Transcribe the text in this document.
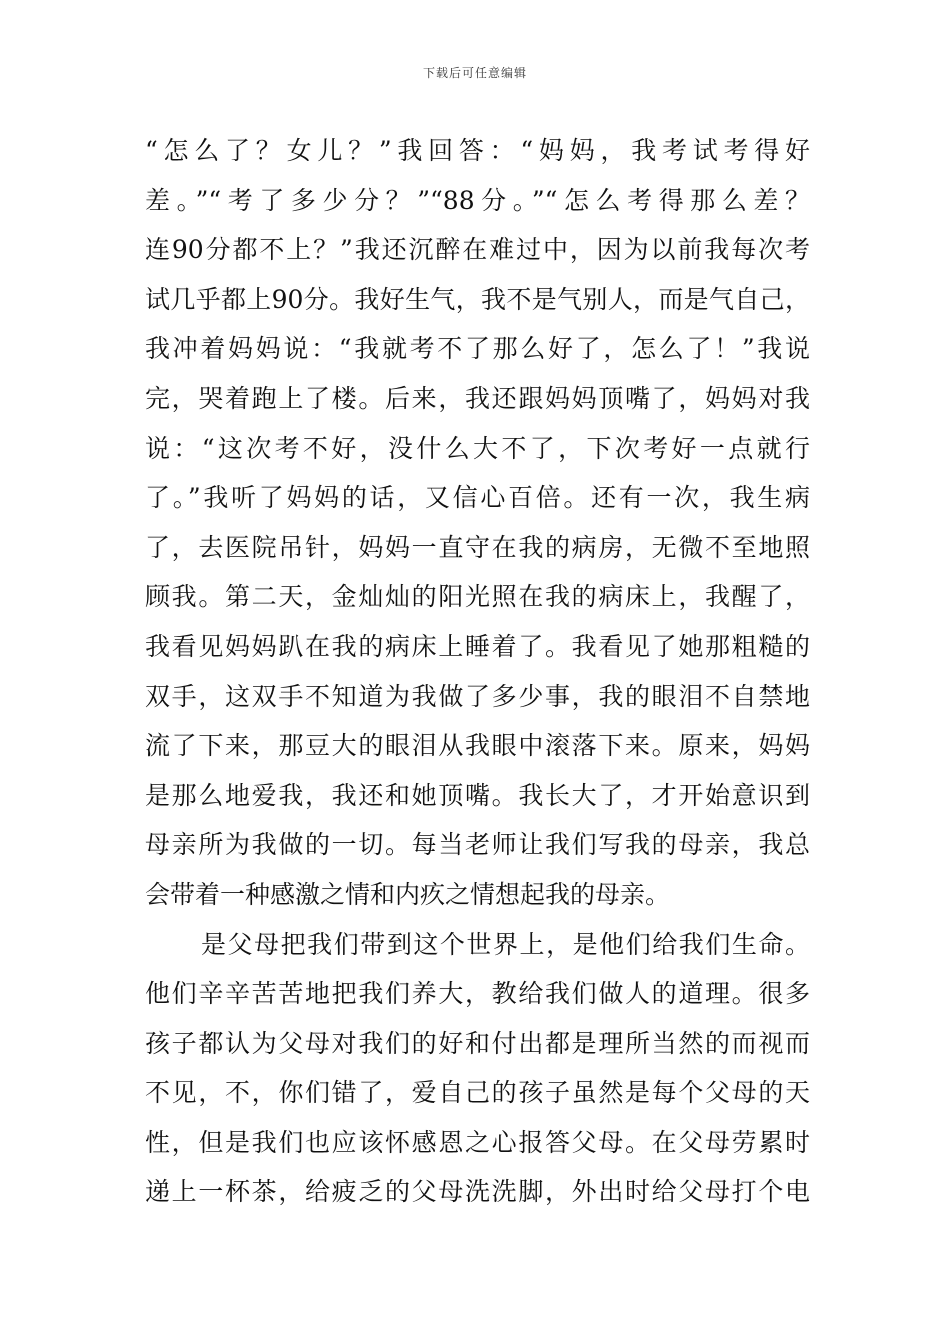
下载后可任意编辑
“怎么了？女儿？”我回答：“妈妈，我考试考得好
差。”“考了多少分？”“88分。”“怎么考得那么差？
连90分都不上？”我还沉醉在难过中，因为以前我每次考
试几乎都上90分。我好生气，我不是气别人，而是气自己，
我冲着妈妈说：“我就考不了那么好了，怎么了！”我说
完，哭着跑上了楼。后来，我还跟妈妈顶嘴了，妈妈对我
说：“这次考不好，没什么大不了，下次考好一点就行
了。”我听了妈妈的话，又信心百倍。还有一次，我生病
了，去医院吊针，妈妈一直守在我的病房，无微不至地照
顾我。第二天，金灿灿的阳光照在我的病床上，我醒了，
我看见妈妈趴在我的病床上睡着了。我看见了她那粗糙的
双手，这双手不知道为我做了多少事，我的眼泪不自禁地
流了下来，那豆大的眼泪从我眼中滚落下来。原来，妈妈
是那么地爱我，我还和她顶嘴。我长大了，才开始意识到
母亲所为我做的一切。每当老师让我们写我的母亲，我总
会带着一种感激之情和内疚之情想起我的母亲。
是父母把我们带到这个世界上，是他们给我们生命。
他们辛辛苦苦地把我们养大，教给我们做人的道理。很多
孩子都认为父母对我们的好和付出都是理所当然的而视而
不见，不，你们错了，爱自己的孩子虽然是每个父母的天
性，但是我们也应该怀感恩之心报答父母。在父母劳累时
递上一杯茶，给疲乏的父母洗洗脚，外出时给父母打个电
